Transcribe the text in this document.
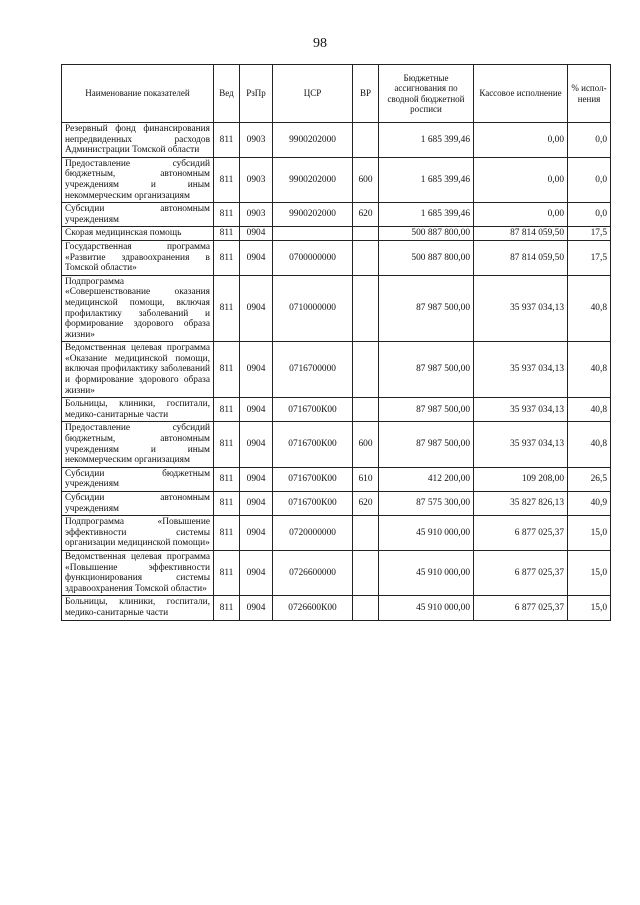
98
Наименование показателей	Вед	РзПр	ЦСР	ВР	Бюджетные ассигнования по сводной бюджетной росписи	Кассовое исполнение	% испол-нения
Резервный фонд финансирования непредвиденных расходов Администрации Томской области	811	0903	9900202000		1 685 399,46	0,00	0,0
Предоставление субсидий бюджетным, автономным учреждениям и иным некоммерческим организациям	811	0903	9900202000	600	1 685 399,46	0,00	0,0
Субсидии автономным учреждениям	811	0903	9900202000	620	1 685 399,46	0,00	0,0
Скорая медицинская помощь	811	0904			500 887 800,00	87 814 059,50	17,5
Государственная программа «Развитие здравоохранения в Томской области»	811	0904	0700000000		500 887 800,00	87 814 059,50	17,5
Подпрограмма «Совершенствование оказания медицинской помощи, включая профилактику заболеваний и формирование здорового образа жизни»	811	0904	0710000000		87 987 500,00	35 937 034,13	40,8
Ведомственная целевая программа «Оказание медицинской помощи, включая профилактику заболеваний и формирование здорового образа жизни»	811	0904	0716700000		87 987 500,00	35 937 034,13	40,8
Больницы, клиники, госпитали, медико-санитарные части	811	0904	0716700К00		87 987 500,00	35 937 034,13	40,8
Предоставление субсидий бюджетным, автономным учреждениям и иным некоммерческим организациям	811	0904	0716700К00	600	87 987 500,00	35 937 034,13	40,8
Субсидии бюджетным учреждениям	811	0904	0716700К00	610	412 200,00	109 208,00	26,5
Субсидии автономным учреждениям	811	0904	0716700К00	620	87 575 300,00	35 827 826,13	40,9
Подпрограмма «Повышение эффективности системы организации медицинской помощи»	811	0904	0720000000		45 910 000,00	6 877 025,37	15,0
Ведомственная целевая программа «Повышение эффективности функционирования системы здравоохранения Томской области»	811	0904	0726600000		45 910 000,00	6 877 025,37	15,0
Больницы, клиники, госпитали, медико-санитарные части	811	0904	0726600К00		45 910 000,00	6 877 025,37	15,0
